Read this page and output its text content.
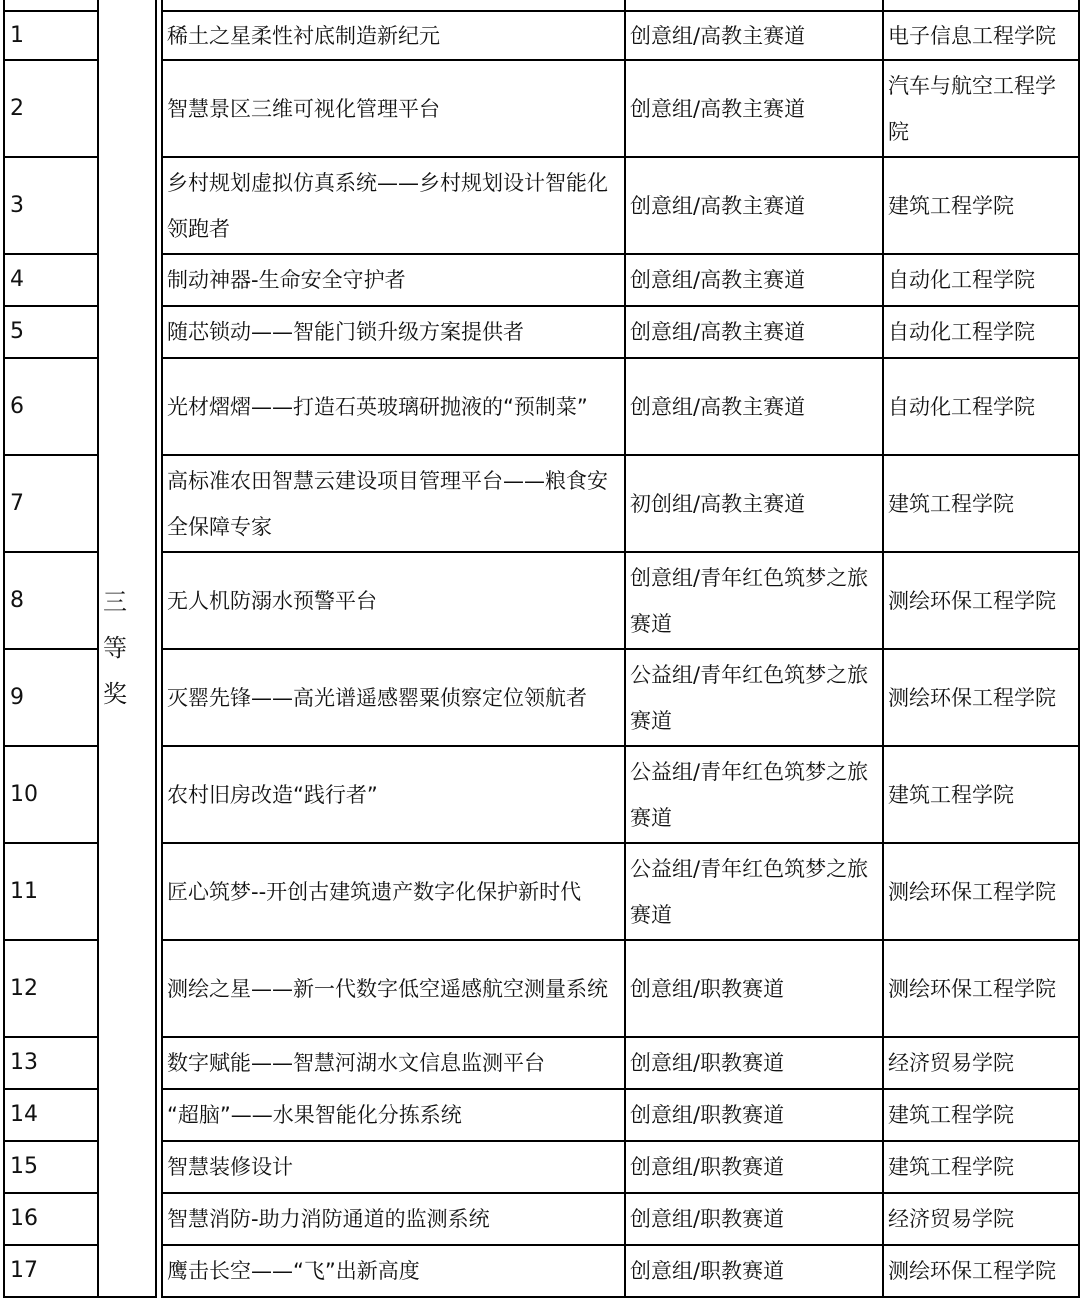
	三等奖				

1			稀土之星柔性衬底制造新纪元	创意组/高教主赛道	电子信息工程学院
2			智慧景区三维可视化管理平台	创意组/高教主赛道	汽车与航空工程学院
3			乡村规划虚拟仿真系统——乡村规划设计智能化领跑者	创意组/高教主赛道	建筑工程学院
4			制动神器-生命安全守护者	创意组/高教主赛道	自动化工程学院
5			随芯锁动——智能门锁升级方案提供者	创意组/高教主赛道	自动化工程学院
6			光材熠熠——打造石英玻璃研抛液的“预制菜”	创意组/高教主赛道	自动化工程学院
7			高标准农田智慧云建设项目管理平台——粮食安全保障专家	初创组/高教主赛道	建筑工程学院
8			无人机防溺水预警平台	创意组/青年红色筑梦之旅赛道	测绘环保工程学院
9			灭罂先锋——高光谱遥感罂粟侦察定位领航者	公益组/青年红色筑梦之旅赛道	测绘环保工程学院
10			农村旧房改造“践行者”	公益组/青年红色筑梦之旅赛道	建筑工程学院
11			匠心筑梦--开创古建筑遗产数字化保护新时代	公益组/青年红色筑梦之旅赛道	测绘环保工程学院
12			测绘之星——新一代数字低空遥感航空测量系统	创意组/职教赛道	测绘环保工程学院
13			数字赋能——智慧河湖水文信息监测平台	创意组/职教赛道	经济贸易学院
14			“超脑”——水果智能化分拣系统	创意组/职教赛道	建筑工程学院
15			智慧装修设计	创意组/职教赛道	建筑工程学院
16			智慧消防-助力消防通道的监测系统	创意组/职教赛道	经济贸易学院
17			鹰击长空——“飞”出新高度	创意组/职教赛道	测绘环保工程学院
